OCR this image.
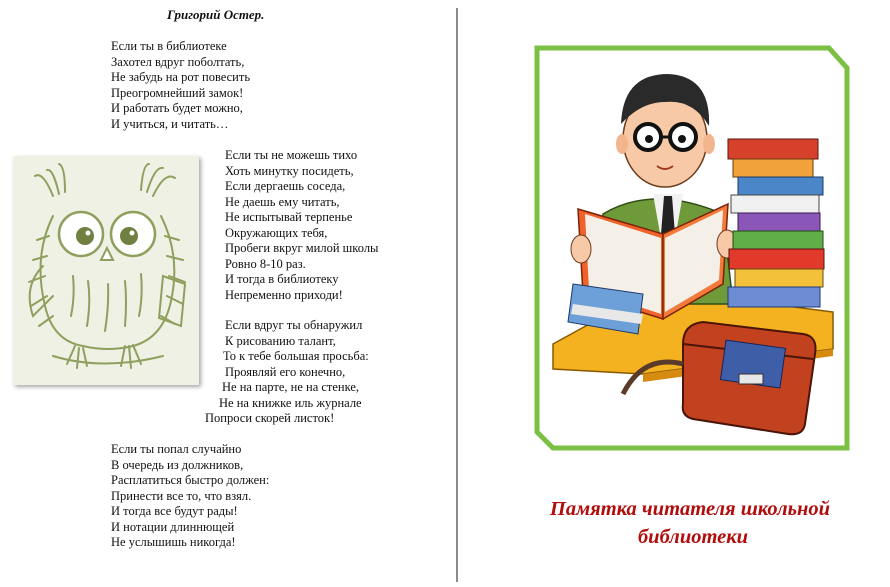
Григорий Остер.
Если ты в библиотеке
Захотел вдруг поболтать,
Не забудь на рот повесить
Преогромнейший замок!
И работать будет можно,
И учиться, и читать…
Если ты не можешь тихо
Хоть минутку посидеть,
Если дергаешь соседа,
Не даешь ему читать,
Не испытывай терпенье
Окружающих тебя,
Пробеги вкруг милой школы
Ровно 8-10 раз.
И тогда в библиотеку
Непременно приходи!
Если вдруг ты обнаружил
К рисованию талант,
То к тебе большая просьба:
Проявляй его конечно,
Не на парте, не на стенке,
Не на книжке иль журнале
Попроси скорей листок!
Если ты попал случайно
В очередь из должников,
Расплатиться быстро должен:
Принести все то, что взял.
И тогда все будут рады!
И нотации длиннющей
Не услышишь никогда!
Памятка читателя школьной
библиотеки
